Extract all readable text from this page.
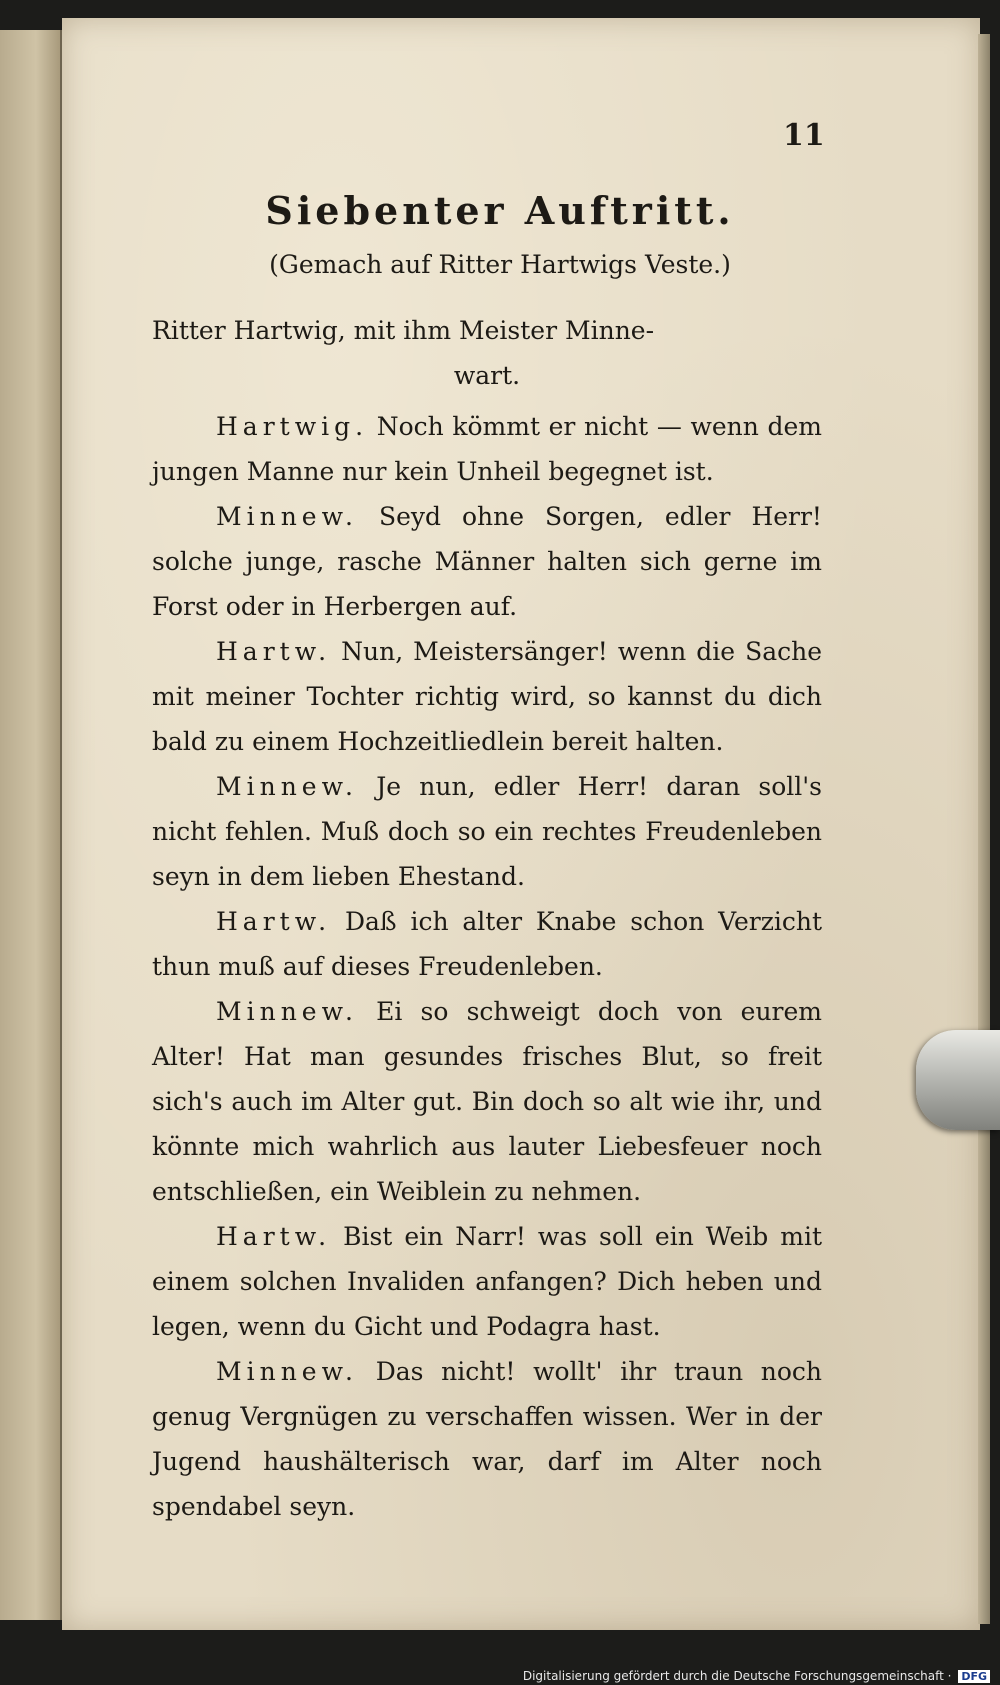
11
Siebenter Auftritt.
(Gemach auf Ritter Hartwigs Veste.)

Ritter Hartwig, mit ihm Meister Minne-

wart.

Hartwig. Noch kömmt er nicht — wenn dem jungen Manne nur kein Unheil begegnet ist.

Minnew. Seyd ohne Sorgen, edler Herr! solche junge, rasche Männer halten sich gerne im Forst oder in Herbergen auf.

Hartw. Nun, Meistersänger! wenn die Sache mit meiner Tochter richtig wird, so kannst du dich bald zu einem Hochzeitliedlein bereit halten.

Minnew. Je nun, edler Herr! daran soll's nicht fehlen. Muß doch so ein rechtes Freudenleben seyn in dem lieben Ehestand.

Hartw. Daß ich alter Knabe schon Verzicht thun muß auf dieses Freudenleben.

Minnew. Ei so schweigt doch von eurem Alter! Hat man gesundes frisches Blut, so freit sich's auch im Alter gut. Bin doch so alt wie ihr, und könnte mich wahrlich aus lauter Liebesfeuer noch entschließen, ein Weiblein zu nehmen.

Hartw. Bist ein Narr! was soll ein Weib mit einem solchen Invaliden anfangen? Dich heben und legen, wenn du Gicht und Podagra hast.

Minnew. Das nicht! wollt' ihr traun noch genug Vergnügen zu verschaffen wissen. Wer in der Jugend haushälterisch war, darf im Alter noch spendabel seyn.

Digitalisierung gefördert durch die Deutsche Forschungsgemeinschaft · DFG
